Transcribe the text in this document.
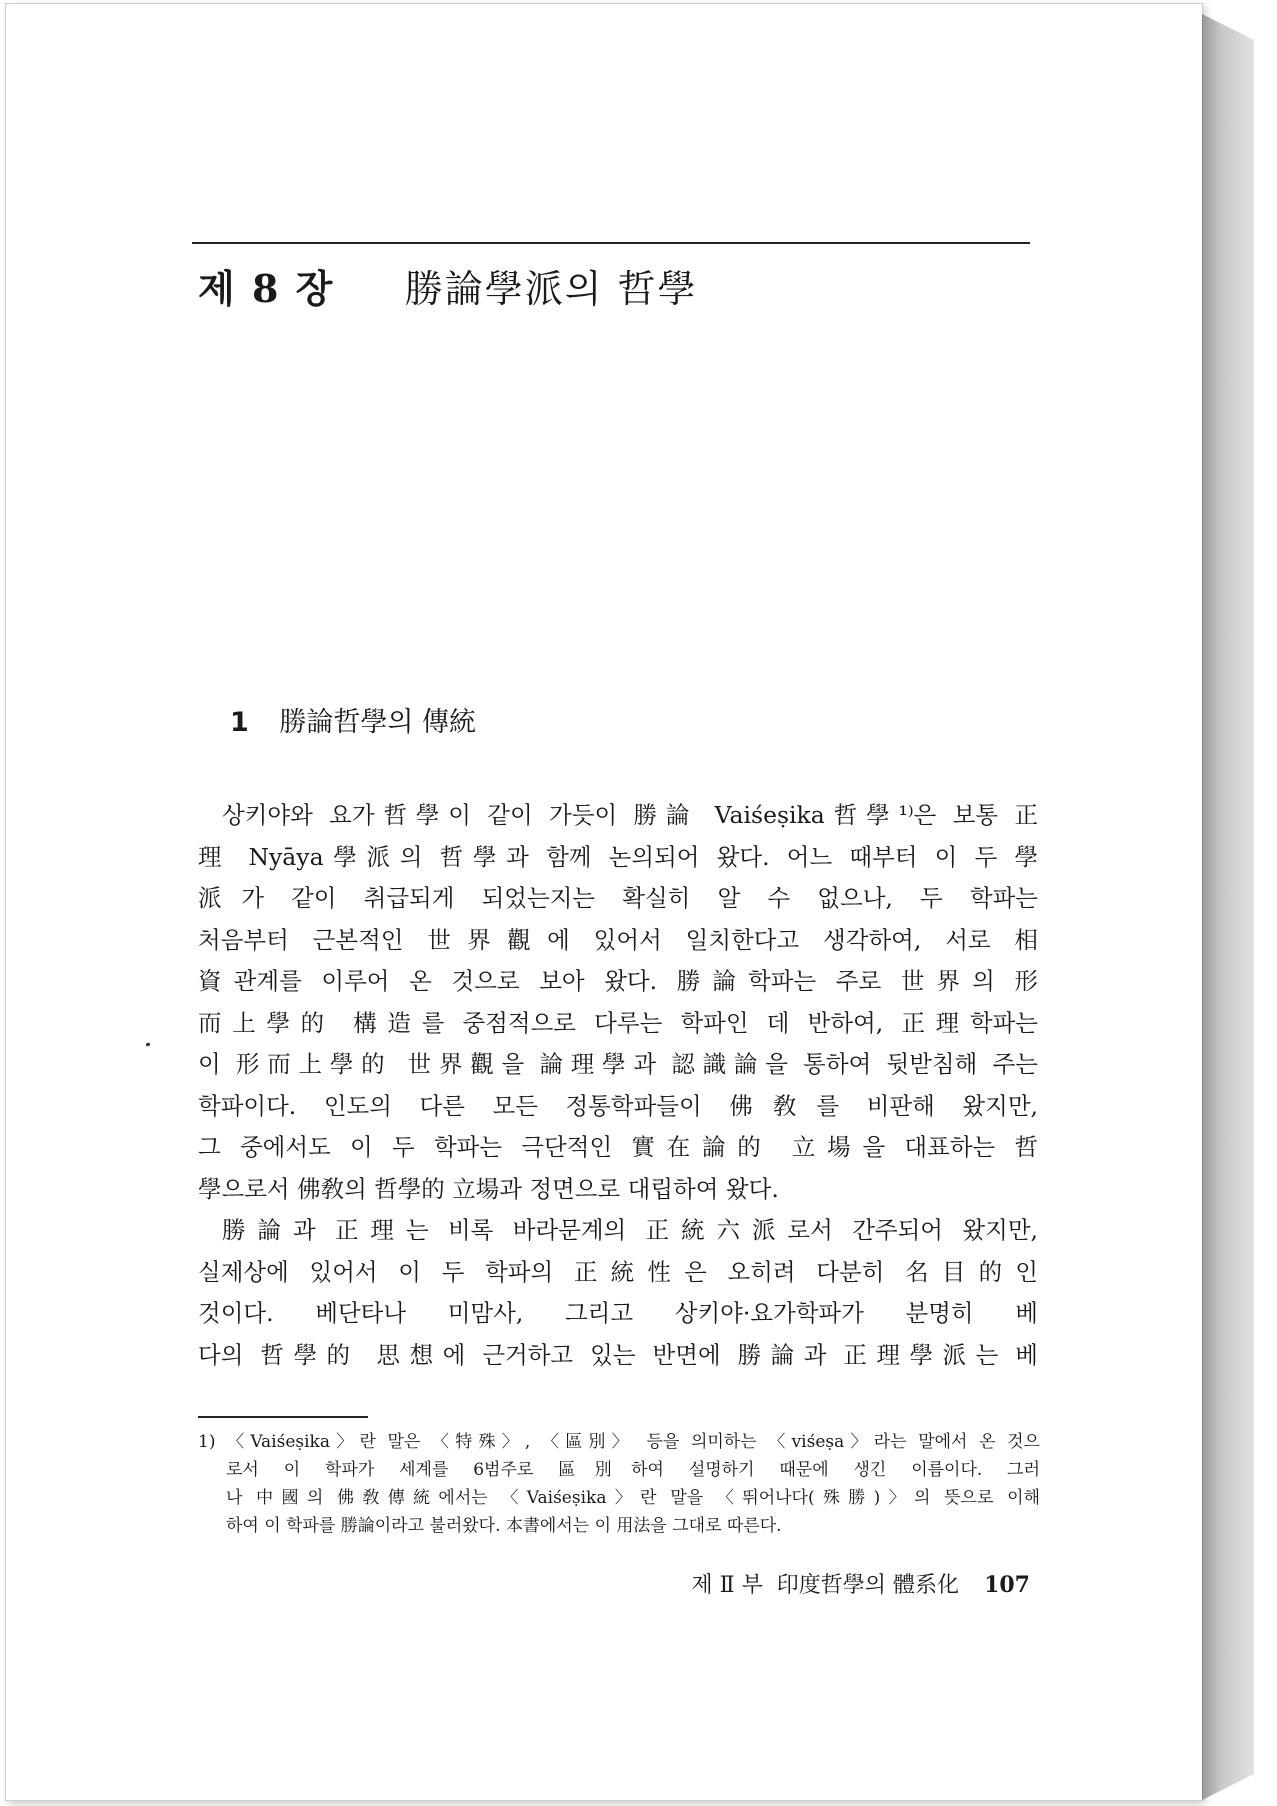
제 8 장 勝論學派의 哲學
1 勝論哲學의 傳統

상키야와 요가哲學이 같이 가듯이 勝論 Vaiśeṣika哲學¹⁾은 보통 正

理 Nyāya學派의 哲學과 함께 논의되어 왔다. 어느 때부터 이 두 學

派가 같이 취급되게 되었는지는 확실히 알 수 없으나, 두 학파는

처음부터 근본적인 世界觀에 있어서 일치한다고 생각하여, 서로 相

資관계를 이루어 온 것으로 보아 왔다. 勝論학파는 주로 世界의 形

而上學的 構造를 중점적으로 다루는 학파인 데 반하여, 正理학파는

이 形而上學的 世界觀을 論理學과 認識論을 통하여 뒷받침해 주는

학파이다. 인도의 다른 모든 정통학파들이 佛敎를 비판해 왔지만,

그 중에서도 이 두 학파는 극단적인 實在論的 立場을 대표하는 哲

學으로서 佛敎의 哲學的 立場과 정면으로 대립하여 왔다.

勝論과 正理는 비록 바라문계의 正統六派로서 간주되어 왔지만,

실제상에 있어서 이 두 학파의 正統性은 오히려 다분히 名目的인

것이다. 베단타나 미맘사, 그리고 상키야·요가학파가 분명히 베

다의 哲學的 思想에 근거하고 있는 반면에 勝論과 正理學派는 베

1) 〈Vaiśeṣika〉란 말은 〈特殊〉, 〈區別〉 등을 의미하는 〈viśeṣa〉라는 말에서 온 것으
로서 이 학파가 세계를 6범주로 區別하여 설명하기 때문에 생긴 이름이다. 그러
나 中國의 佛敎傳統에서는 〈Vaiśeṣika〉란 말을 〈뛰어나다(殊勝)〉의 뜻으로 이해
하여 이 학파를 勝論이라고 불러왔다. 本書에서는 이 用法을 그대로 따른다.
제 Ⅱ 부  印度哲學의 體系化 107
